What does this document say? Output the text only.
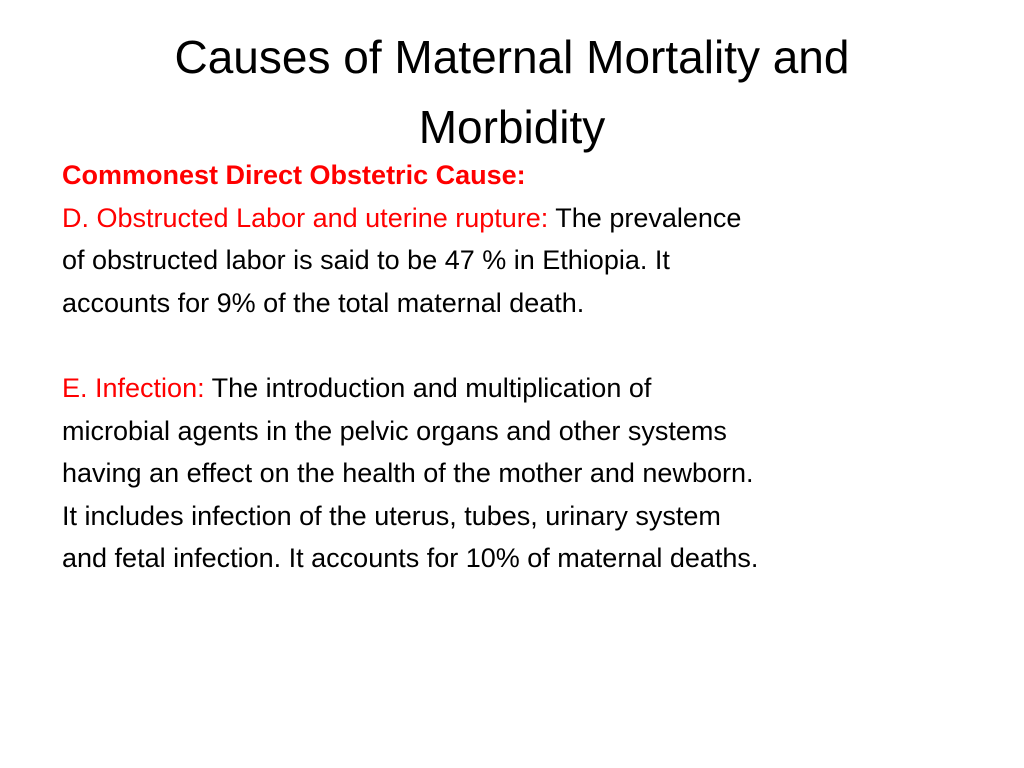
Causes of Maternal Mortality and Morbidity

Commonest Direct Obstetric Cause:

D. Obstructed Labor and uterine rupture: The prevalence of obstructed labor is said to be 47 % in Ethiopia. It accounts for 9% of the total maternal death.

E. Infection: The introduction and multiplication of microbial agents in the pelvic organs and other systems having an effect on the health of the mother and newborn. It includes infection of the uterus, tubes, urinary system and fetal infection. It accounts for 10% of maternal deaths.
